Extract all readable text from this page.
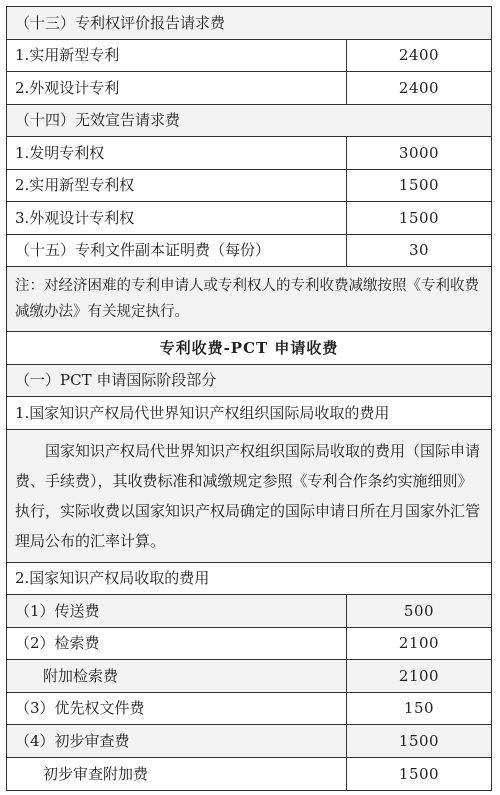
（十三）专利权评价报告请求费
1.实用新型专利	2400
2.外观设计专利	2400
（十四）无效宣告请求费
1.发明专利权	3000
2.实用新型专利权	1500
3.外观设计专利权	1500
（十五）专利文件副本证明费（每份）	30
注：对经济困难的专利申请人或专利权人的专利收费减缴按照《专利收费减缴办法》有关规定执行。
专利收费-PCT 申请收费
（一）PCT 申请国际阶段部分
1.国家知识产权局代世界知识产权组织国际局收取的费用
国家知识产权局代世界知识产权组织国际局收取的费用（国际申请费、手续费），其收费标准和减缴规定参照《专利合作条约实施细则》执行，实际收费以国家知识产权局确定的国际申请日所在月国家外汇管理局公布的汇率计算。
2.国家知识产权局收取的费用
（1）传送费	500
（2）检索费	2100
附加检索费	2100
（3）优先权文件费	150
（4）初步审查费	1500
初步审查附加费	1500
